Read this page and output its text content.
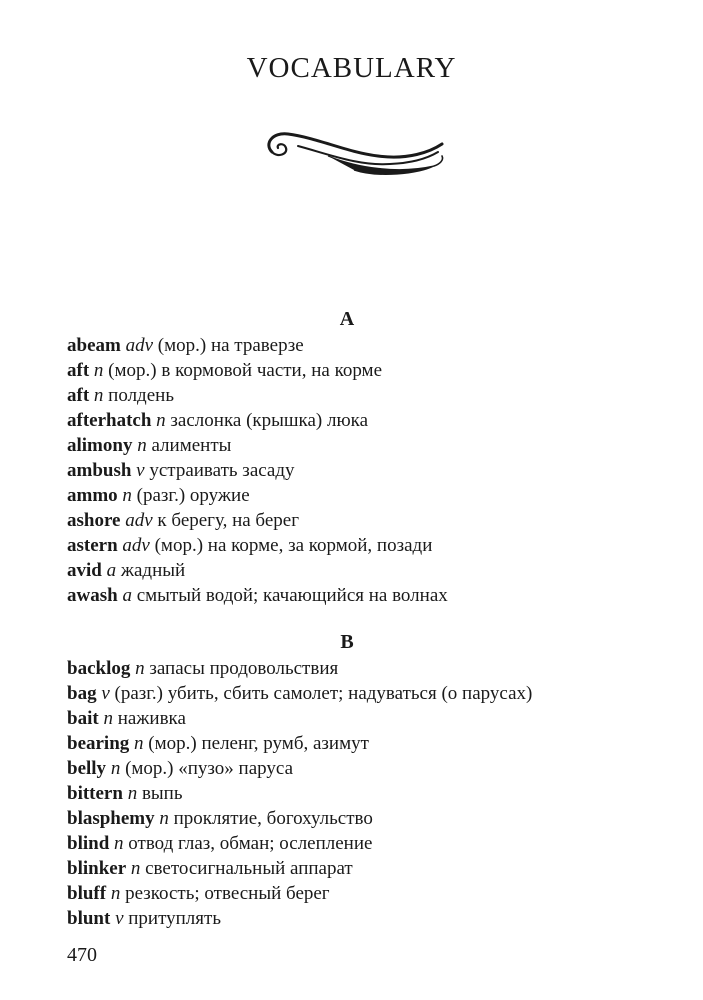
VOCABULARY
A
abeam adv (мор.) на траверзе
aft n (мор.) в кормовой части, на корме
aft n полдень
afterhatch n заслонка (крышка) люка
alimony n алименты
ambush v устраивать засаду
ammo n (разг.) оружие
ashore adv к берегу, на берег
astern adv (мор.) на корме, за кормой, позади
avid a жадный
awash a смытый водой; качающийся на волнах
B
backlog n запасы продовольствия
bag v (разг.) убить, сбить самолет; надуваться (о парусах)
bait n наживка
bearing n (мор.) пеленг, румб, азимут
belly n (мор.) «пузо» паруса
bittern n выпь
blasphemy n проклятие, богохульство
blind n отвод глаз, обман; ослепление
blinker n светосигнальный аппарат
bluff n резкость; отвесный берег
blunt v притуплять
470
